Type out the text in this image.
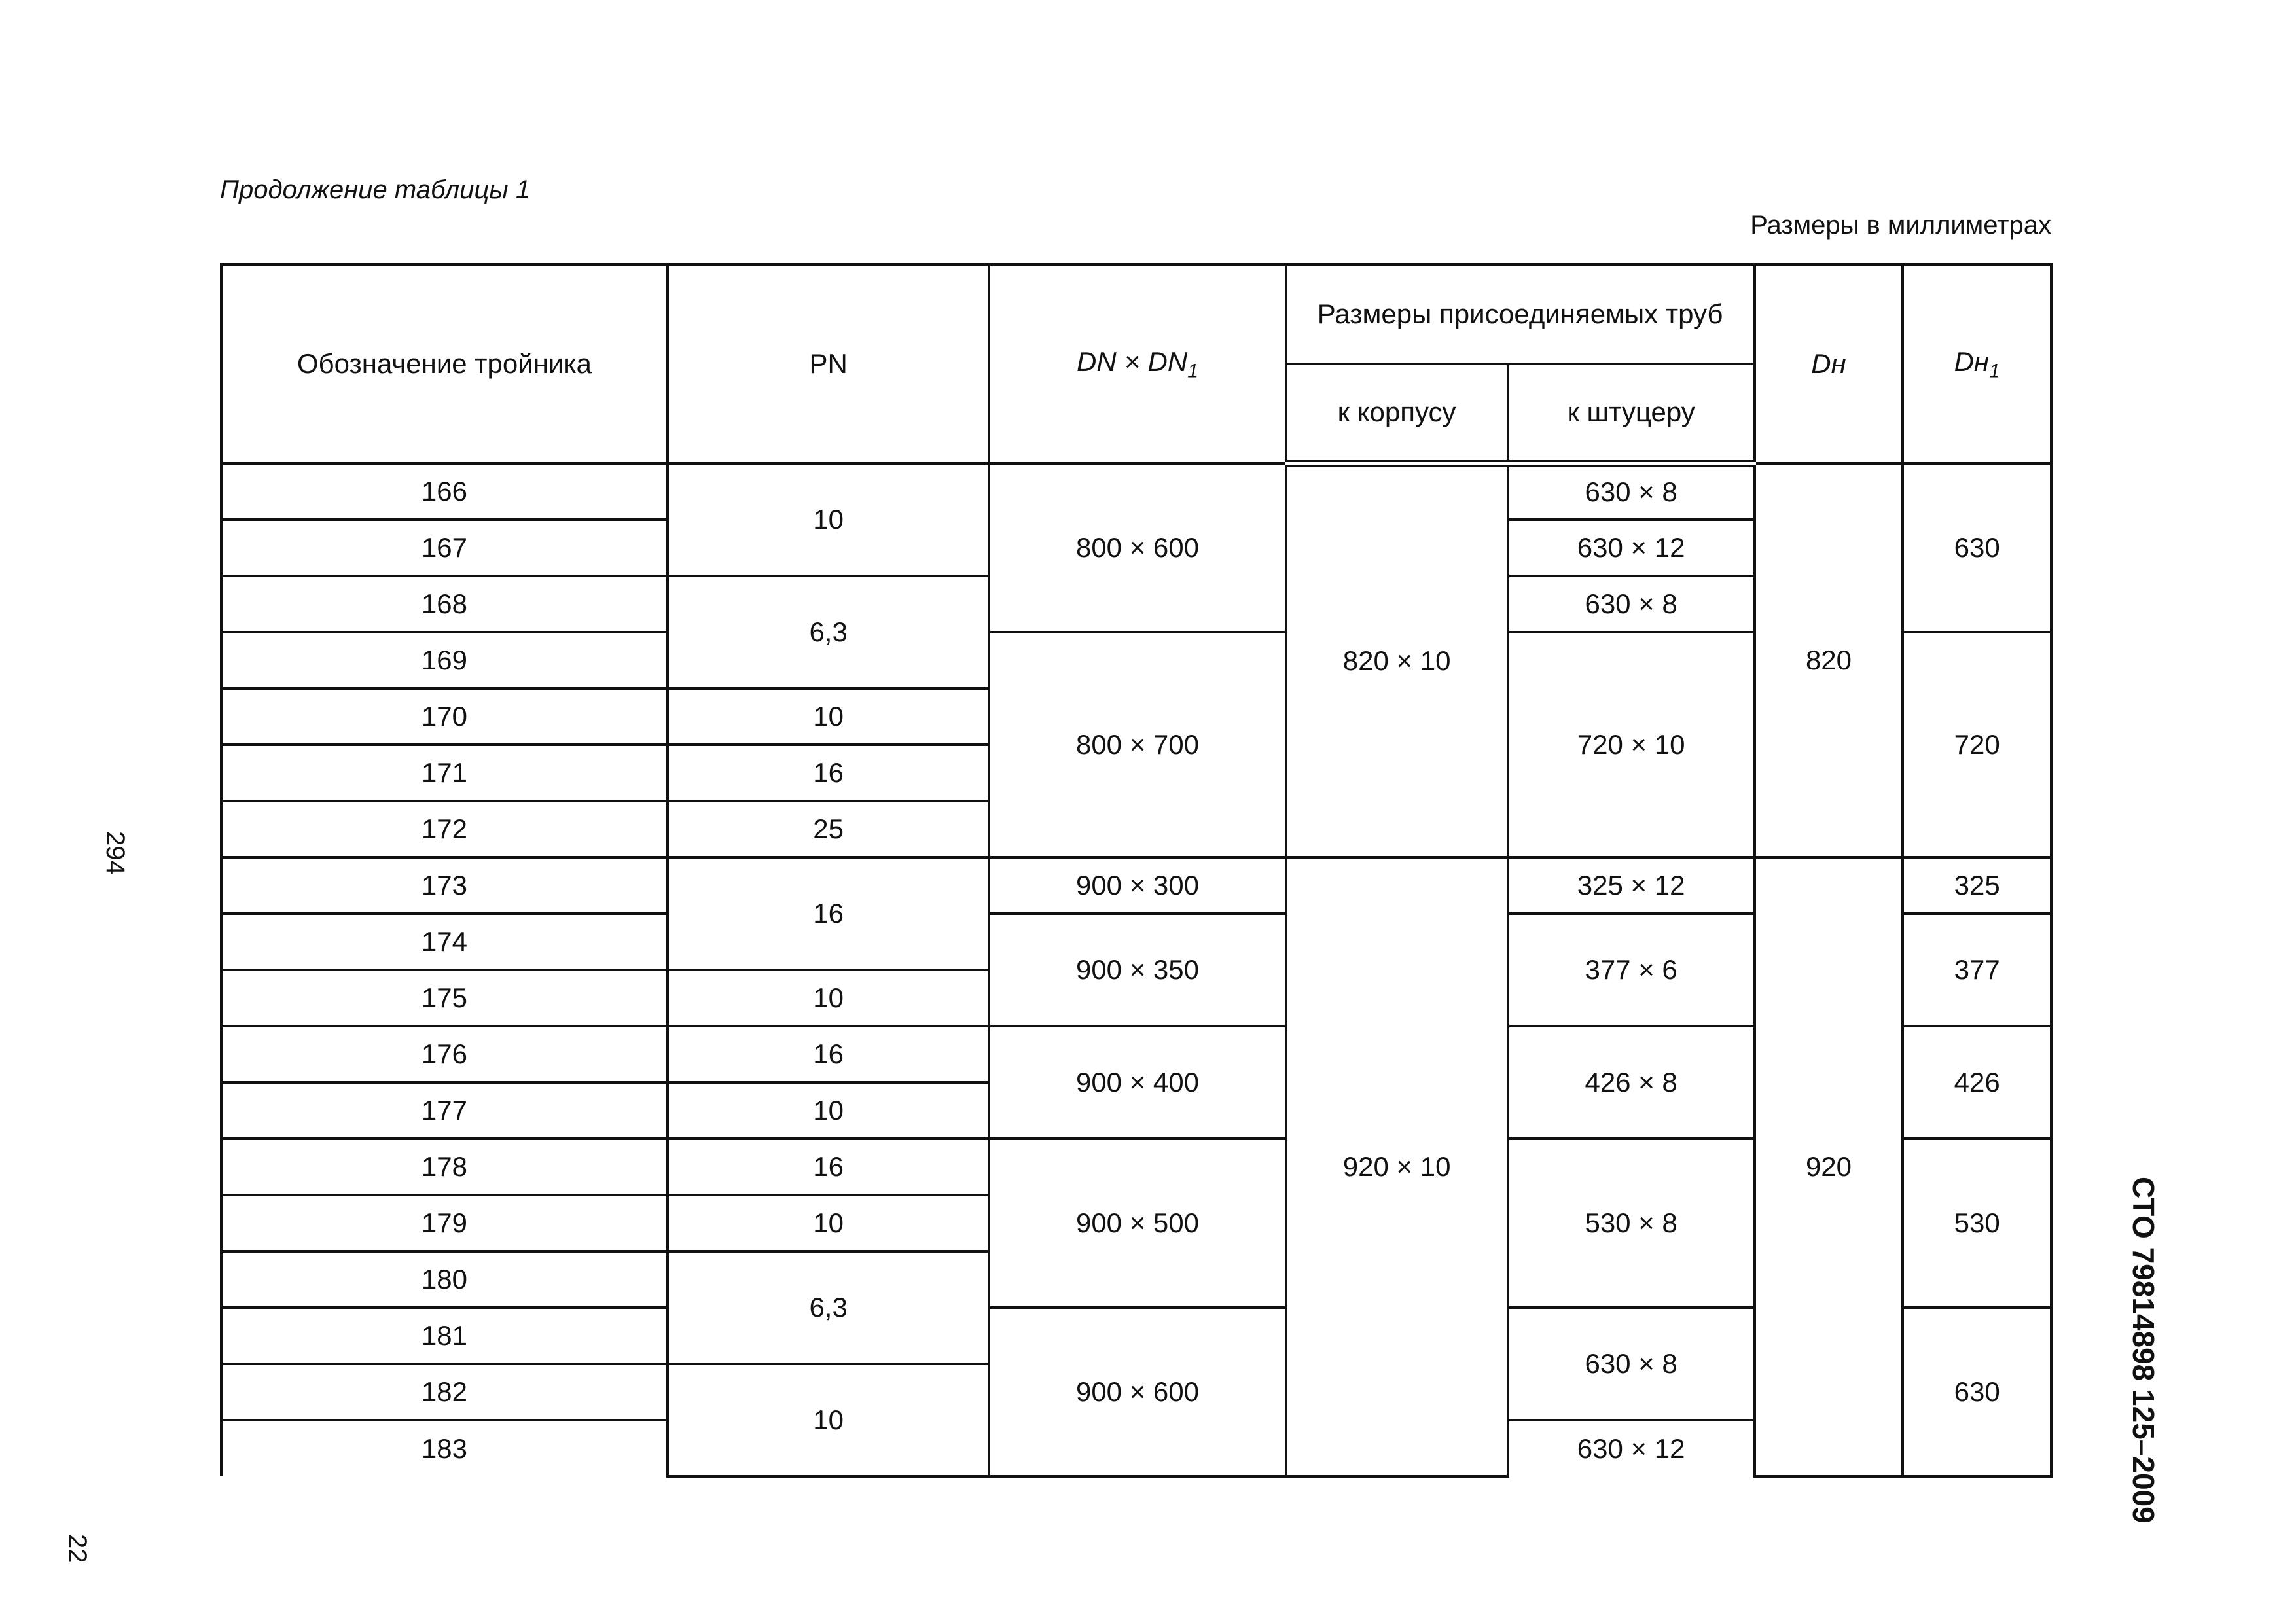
Продолжение таблицы 1
Размеры в миллиметрах
294
22
СТО 79814898 125–2009
Обозначение тройника	PN	DN × $DN_1$	Размеры присоединяемых труб		Dн	$Dн_1$
			к корпусу	к штуцеру		
166	10	800 × 600	820 × 10	630 × 8	820	630
167				630 × 12		
168	6,3			630 × 8		
169		800 × 700		720 × 10		720
170	10					
171	16					
172	25					
173	16	900 × 300	920 × 10	325 × 12	920	325
174		900 × 350		377 × 6		377
175	10					
176	16	900 × 400		426 × 8		426
177	10					
178	16	900 × 500		530 × 8		530
179	10					
180	6,3					
181		900 × 600		630 × 8		630
182	10					
183				630 × 12		
